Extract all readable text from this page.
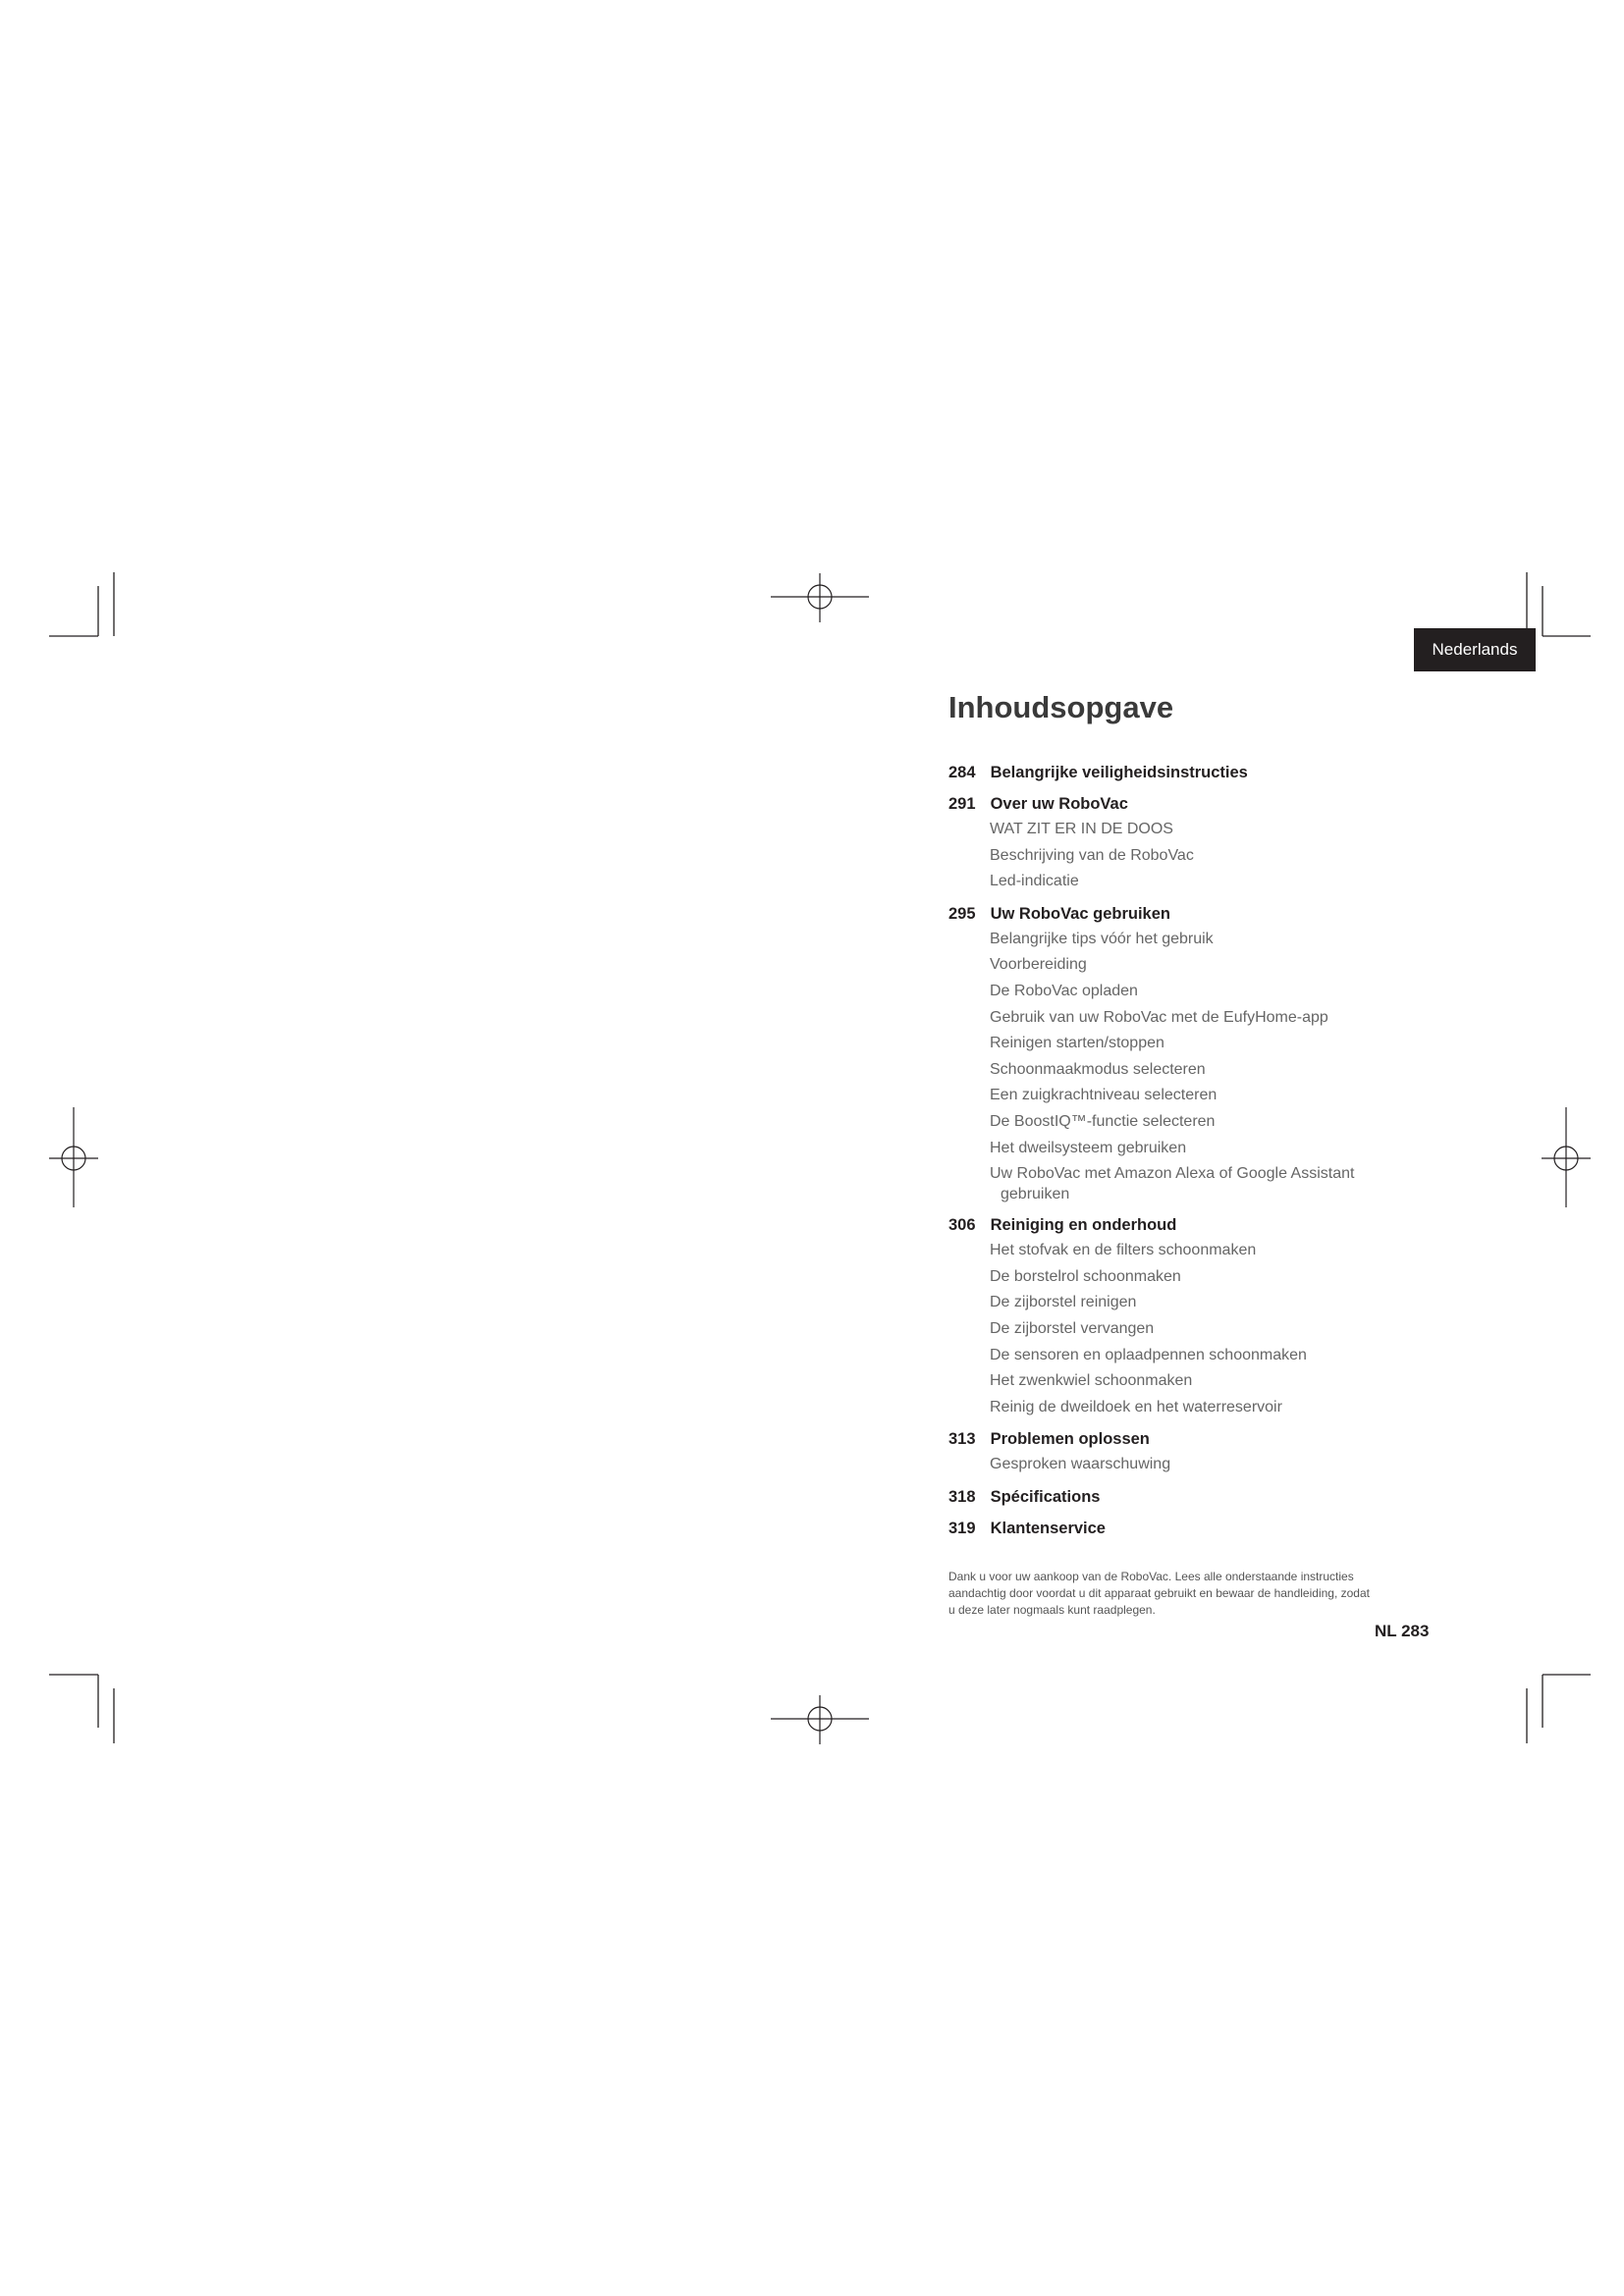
Nederlands
Inhoudsopgave
284 Belangrijke veiligheidsinstructies
291 Over uw RoboVac
WAT ZIT ER IN DE DOOS
Beschrijving van de RoboVac
Led-indicatie
295 Uw RoboVac gebruiken
Belangrijke tips vóór het gebruik
Voorbereiding
De RoboVac opladen
Gebruik van uw RoboVac met de EufyHome-app
Reinigen starten/stoppen
Schoonmaakmodus selecteren
Een zuigkrachtniveau selecteren
De BoostIQ™-functie selecteren
Het dweilsysteem gebruiken
Uw RoboVac met Amazon Alexa of Google Assistant
gebruiken
306 Reiniging en onderhoud
Het stofvak en de filters schoonmaken
De borstelrol schoonmaken
De zijborstel reinigen
De zijborstel vervangen
De sensoren en oplaadpennen schoonmaken
Het zwenkwiel schoonmaken
Reinig de dweildoek en het waterreservoir
313 Problemen oplossen
Gesproken waarschuwing
318 Spécifications
319 Klantenservice
Dank u voor uw aankoop van de RoboVac. Lees alle onderstaande instructies
aandachtig door voordat u dit apparaat gebruikt en bewaar de handleiding, zodat
u deze later nogmaals kunt raadplegen.
NL 283
